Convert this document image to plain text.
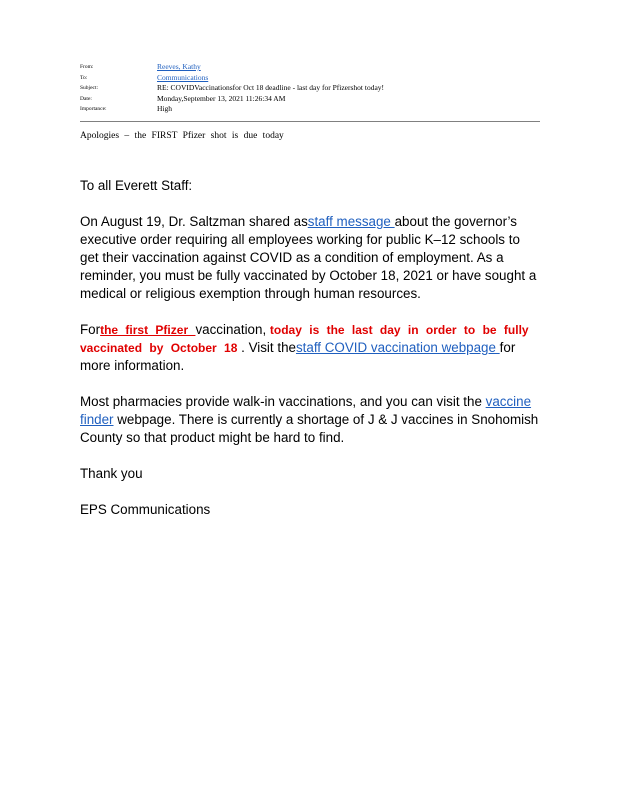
From:	Reeves, Kathy
To:	Communications
Subject:	RE: COVIDVaccinationsfor Oct 18 deadline - last day for Pfizershot today!
Date:	Monday,September 13, 2021 11:26:34 AM
Importance:	High
Apologies – the FIRST Pfizer shot is due today

To all Everett Staff:

On August 19, Dr. Saltzman shared asstaff message about the governor’s executive order requiring all employees working for public K–12 schools to get their vaccination against COVID as a condition of employment. As a reminder, you must be fully vaccinated by October 18, 2021 or have sought a medical or religious exemption through human resources.

Forthe first Pfizer vaccination, today is the last day in order to be fully vaccinated by October 18 . Visit thestaff COVID vaccination webpage for more information.

Most pharmacies provide walk-in vaccinations, and you can visit the vaccine finder webpage. There is currently a shortage of J & J vaccines in Snohomish County so that product might be hard to find.

Thank you

EPS Communications
